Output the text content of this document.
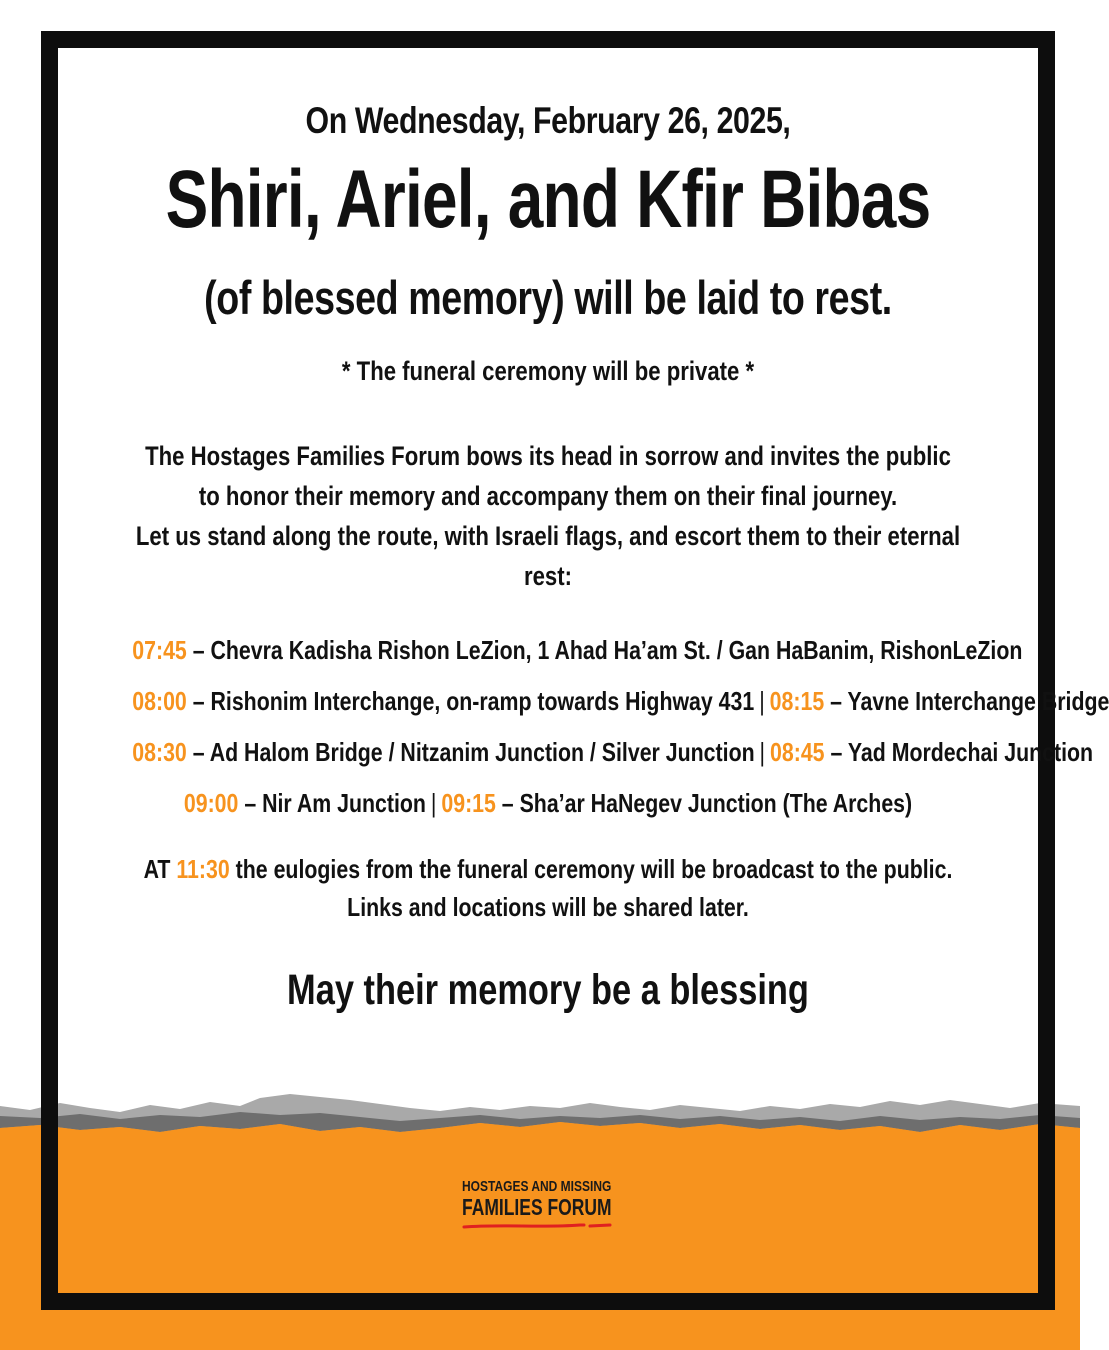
On Wednesday, February 26, 2025,
Shiri, Ariel, and Kfir Bibas
(of blessed memory) will be laid to rest.
* The funeral ceremony will be private *
The Hostages Families Forum bows its head in sorrow and invites the public
to honor their memory and accompany them on their final journey.
Let us stand along the route, with Israeli flags, and escort them to their eternal rest:
07:45 – Chevra Kadisha Rishon LeZion, 1 Ahad Ha’am St. / Gan HaBanim, RishonLeZion
08:00 – Rishonim Interchange, on-ramp towards Highway 431 | 08:15 – Yavne Interchange Bridge
08:30 – Ad Halom Bridge / Nitzanim Junction / Silver Junction | 08:45 – Yad Mordechai Junction
09:00 – Nir Am Junction | 09:15 – Sha’ar HaNegev Junction (The Arches)
AT 11:30 the eulogies from the funeral ceremony will be broadcast to the public.
Links and locations will be shared later.
May their memory be a blessing
HOSTAGES AND MISSING
FAMILIES FORUM
